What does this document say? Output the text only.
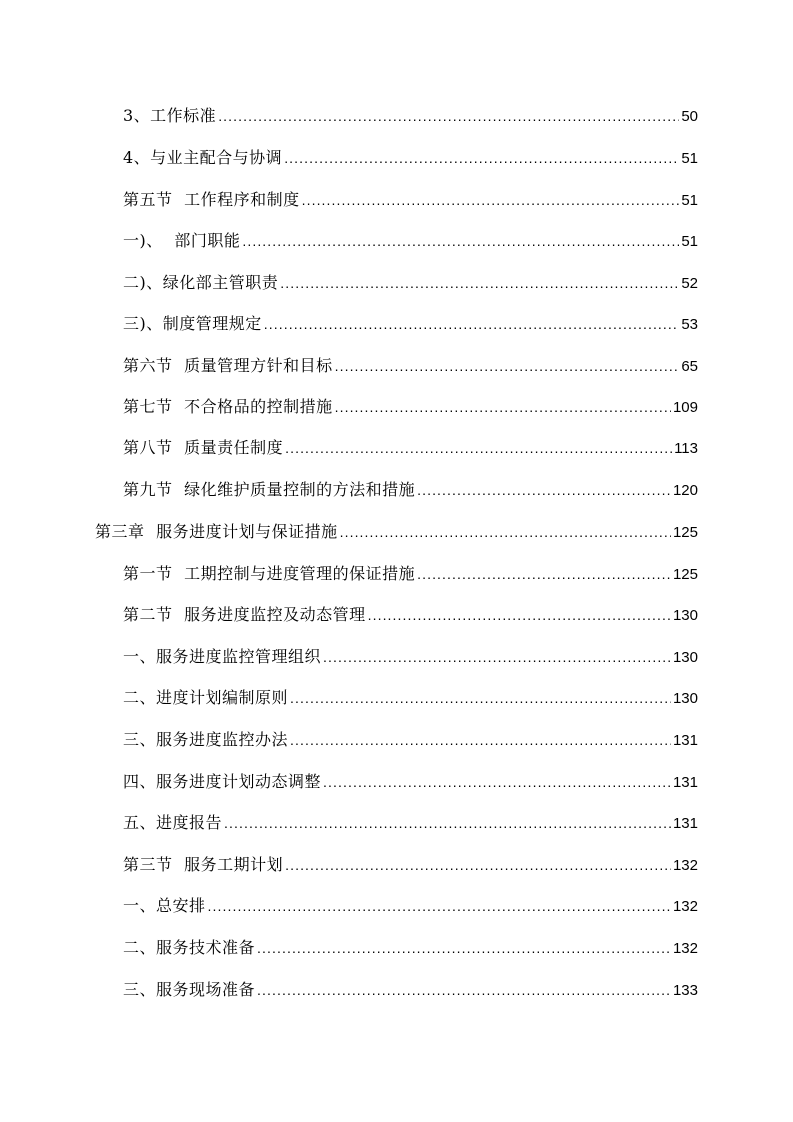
3、工作标准 .....	50
4、与业主配合与协调 .....	51
第五节 工作程序和制度 .....	51
一)、 部门职能 .....	51
二)、绿化部主管职责 .....	52
三)、制度管理规定 .....	53
第六节 质量管理方针和目标 .....	65
第七节 不合格品的控制措施 .....	109
第八节 质量责任制度 .....	113
第九节 绿化维护质量控制的方法和措施 .....	120
第三章 服务进度计划与保证措施 .....	125
第一节 工期控制与进度管理的保证措施 .....	125
第二节 服务进度监控及动态管理 .....	130
一、服务进度监控管理组织 .....	130
二、进度计划编制原则 .....	130
三、服务进度监控办法 .....	131
四、服务进度计划动态调整 .....	131
五、进度报告 .....	131
第三节 服务工期计划 .....	132
一、总安排 .....	132
二、服务技术准备 .....	132
三、服务现场准备 .....	133
